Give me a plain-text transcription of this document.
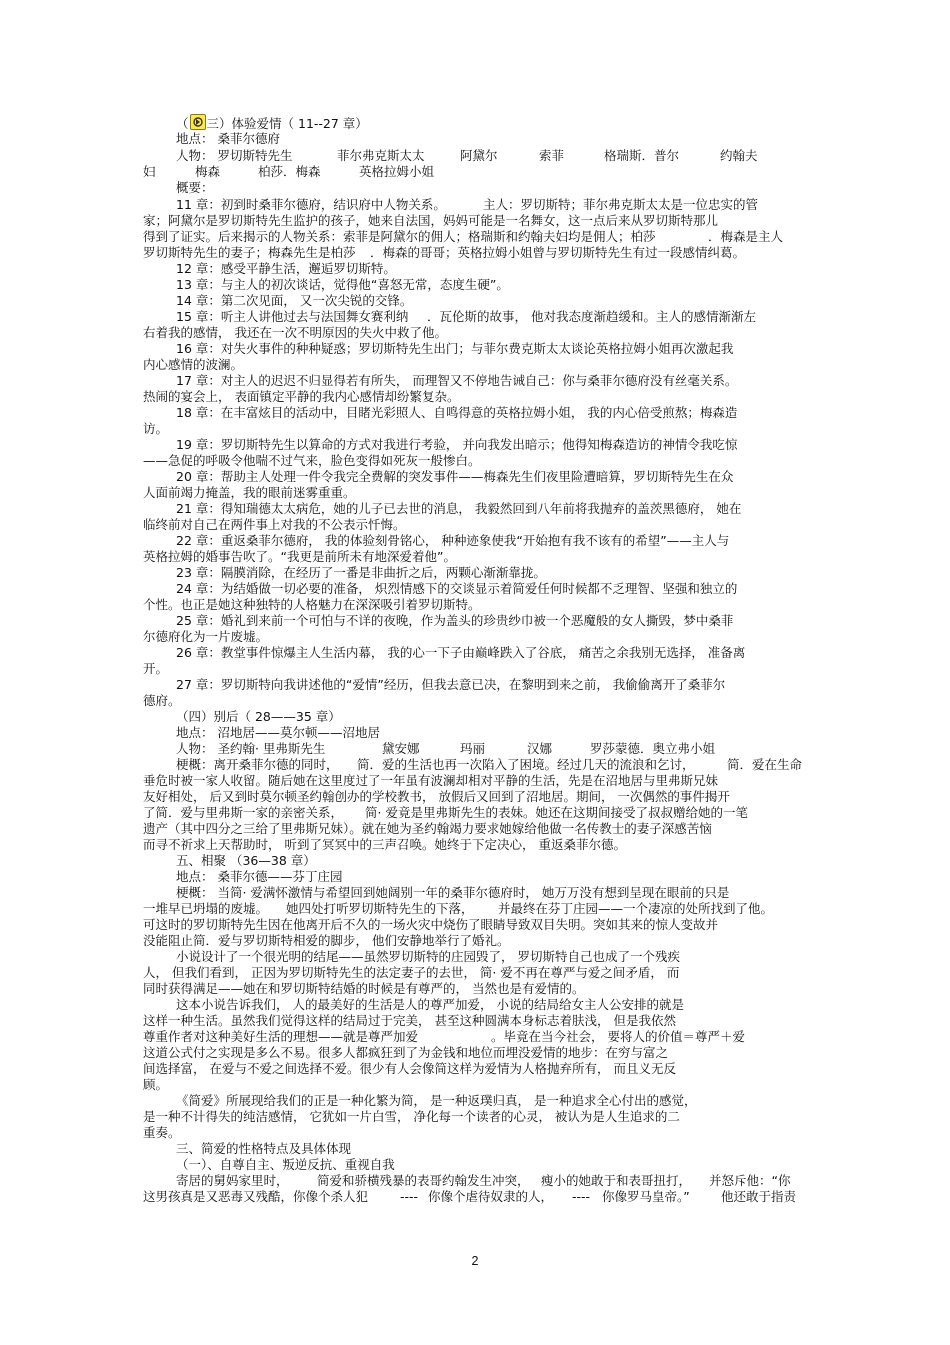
（ 三）体验爱情（ 11--27 章）
地点： 桑菲尔德府
人物： 罗切斯特先生	菲尔弗克斯太太	阿黛尔	索菲	格瑞斯．普尔	约翰夫
妇	梅森	柏莎．梅森	英格拉姆小姐
概要：
11 章：初到时桑菲尔德府，结识府中人物关系。	主人：罗切斯特；菲尔弗克斯太太是一位忠实的管
家；阿黛尔是罗切斯特先生监护的孩子，她来自法国，妈妈可能是一名舞女，这一点后来从罗切斯特那儿
得到了证实。后来揭示的人物关系：索菲是阿黛尔的佣人；格瑞斯和约翰夫妇均是佣人；柏莎	．梅森是主人
罗切斯特先生的妻子；梅森先生是柏莎 ．梅森的哥哥；英格拉姆小姐曾与罗切斯特先生有过一段感情纠葛。
12 章：感受平静生活，邂逅罗切斯特。
13 章：与主人的初次谈话，觉得他“喜怒无常，态度生硬”。
14 章：第二次见面， 又一次尖锐的交锋。
15 章：听主人讲他过去与法国舞女赛利纳 ．瓦伦斯的故事， 他对我态度渐趋缓和。主人的感情渐渐左
右着我的感情， 我还在一次不明原因的失火中救了他。
16 章：对失火事件的种种疑惑；罗切斯特先生出门；与菲尔费克斯太太谈论英格拉姆小姐再次激起我
内心感情的波澜。
17 章：对主人的迟迟不归显得若有所失， 而理智又不停地告诫自己：你与桑菲尔德府没有丝毫关系。
热闹的宴会上， 表面镇定平静的我内心感情却纷繁复杂。
18 章：在丰富炫目的活动中，目睹光彩照人、自鸣得意的英格拉姆小姐， 我的内心倍受煎熬；梅森造
访。
19 章：罗切斯特先生以算命的方式对我进行考验， 并向我发出暗示；他得知梅森造访的神情令我吃惊
——急促的呼吸令他喘不过气来，脸色变得如死灰一般惨白。
20 章：帮助主人处理一件令我完全费解的突发事件——梅森先生们夜里险遭暗算，罗切斯特先生在众
人面前竭力掩盖，我的眼前迷雾重重。
21 章：得知瑞德太太病危，她的儿子已去世的消息， 我毅然回到八年前将我抛弃的盖茨黑德府， 她在
临终前对自己在两件事上对我的不公表示忏悔。
22 章：重返桑菲尔德府， 我的体验刻骨铭心， 种种迹象使我“开始抱有我不该有的希望”——主人与
英格拉姆的婚事告吹了。“我更是前所未有地深爱着他”。
23 章：隔膜消除，在经历了一番是非曲折之后，两颗心渐渐靠拢。
24 章：为结婚做一切必要的准备， 炽烈情感下的交谈显示着简爱任何时候都不乏理智、坚强和独立的
个性。也正是她这种独特的人格魅力在深深吸引着罗切斯特。
25 章：婚礼到来前一个可怕与不详的夜晚，作为盖头的珍贵纱巾被一个恶魔般的女人撕毁，梦中桑菲
尔德府化为一片废墟。
26 章：教堂事件惊爆主人生活内幕， 我的心一下子由巅峰跌入了谷底， 痛苦之余我别无选择， 准备离
开。
27 章：罗切斯特向我讲述他的“爱情”经历，但我去意已决，在黎明到来之前， 我偷偷离开了桑菲尔
德府。
（四）别后（ 28——35 章）
地点： 沼地居——莫尔顿——沼地居
人物： 圣约翰· 里弗斯先生	黛安娜	玛丽	汉娜	罗莎蒙德．奥立弗小姐
梗概：离开桑菲尔德的同时， 简．爱的生活也再一次陷入了困境。经过几天的流浪和乞讨，	简．爱在生命
垂危时被一家人收留。随后她在这里度过了一年虽有波澜却相对平静的生活，先是在沼地居与里弗斯兄妹
友好相处， 后又到时莫尔顿圣约翰创办的学校教书， 放假后又回到了沼地居。期间， 一次偶然的事件揭开
了简．爱与里弗斯一家的亲密关系， 简· 爱竟是里弗斯先生的表妹。她还在这期间接受了叔叔赠给她的一笔
遗产（其中四分之三给了里弗斯兄妹）。就在她为圣约翰竭力要求她嫁给他做一名传教士的妻子深感苦恼
而寻不祈求上天帮助时， 听到了冥冥中的三声召唤。她终于下定决心， 重返桑菲尔德。
五、相聚 （36—38 章）
地点： 桑菲尔德——芬丁庄园
梗概： 当简· 爱满怀激情与希望回到她阔别一年的桑菲尔德府时， 她万万没有想到呈现在眼前的只是
一堆早已坍塌的废墟。 她四处打听罗切斯特先生的下落， 并最终在芬丁庄园——一个凄凉的处所找到了他。
可这时的罗切斯特先生因在他离开后不久的一场火灾中烧伤了眼睛导致双目失明。突如其来的惊人变故并
没能阻止简．爱与罗切斯特相爱的脚步， 他们安静地举行了婚礼。
小说设计了一个很光明的结尾——虽然罗切斯特的庄园毁了， 罗切斯特自己也成了一个残疾
人， 但我们看到， 正因为罗切斯特先生的法定妻子的去世， 简· 爱不再在尊严与爱之间矛盾， 而
同时获得满足——她在和罗切斯特结婚的时候是有尊严的， 当然也是有爱情的。
这本小说告诉我们， 人的最美好的生活是人的尊严加爱， 小说的结局给女主人公安排的就是
这样一种生活。虽然我们觉得这样的结局过于完美， 甚至这种圆满本身标志着肤浅， 但是我依然
尊重作者对这种美好生活的理想——就是尊严加爱	。毕竟在当今社会， 要将人的价值＝尊严＋爱
这道公式付之实现是多么不易。很多人都疯狂到了为金钱和地位而埋没爱情的地步：在穷与富之
间选择富， 在爱与不爱之间选择不爱。很少有人会像简这样为爱情为人格抛弃所有， 而且义无反
顾。
《简爱》所展现给我们的正是一种化繁为简， 是一种返璞归真， 是一种追求全心付出的感觉，
是一种不计得失的纯洁感情， 它犹如一片白雪， 净化每一个读者的心灵， 被认为是人生追求的二
重奏。
三、简爱的性格特点及具体体现
（一）、自尊自主、叛逆反抗、重视自我
寄居的舅妈家里时， 简爱和骄横残暴的表哥约翰发生冲突， 瘦小的她敢于和表哥扭打， 并怒斥他：“你
这男孩真是又恶毒又残酷，你像个杀人犯	---- 你像个虐待奴隶的人， ---- 你像罗马皇帝。”	他还敢于指责
2
